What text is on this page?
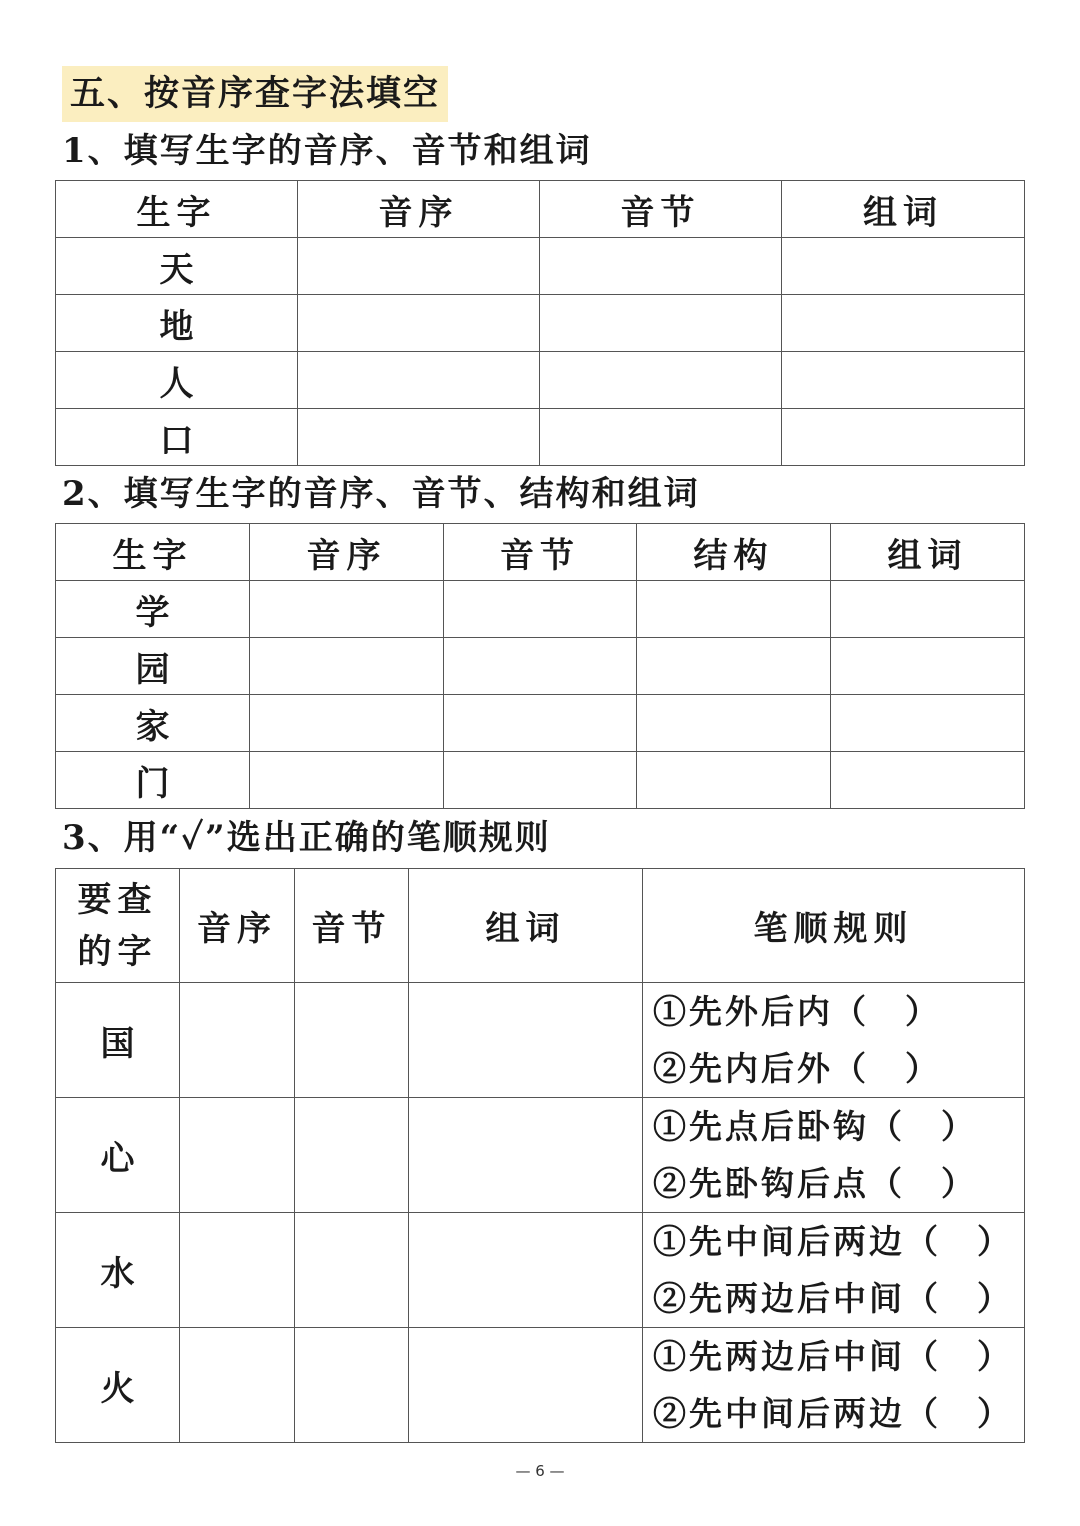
五、按音序查字法填空
1、填写生字的音序、音节和组词
生字	音序	音节	组词
天			
地			
人			
口			
2、填写生字的音序、音节、结构和组词
生字	音序	音节	结构	组词
学				
园				
家				
门				
3、用“✓”选出正确的笔顺规则
要查
的字	音序	音节	组词	笔顺规则
国				①先外后内（　）
②先内后外（　）

心				①先点后卧钩（　）
②先卧钩后点（　）

水				①先中间后两边（　）
②先两边后中间（　）

火				①先两边后中间（　）
②先中间后两边（　）
— 6 —
